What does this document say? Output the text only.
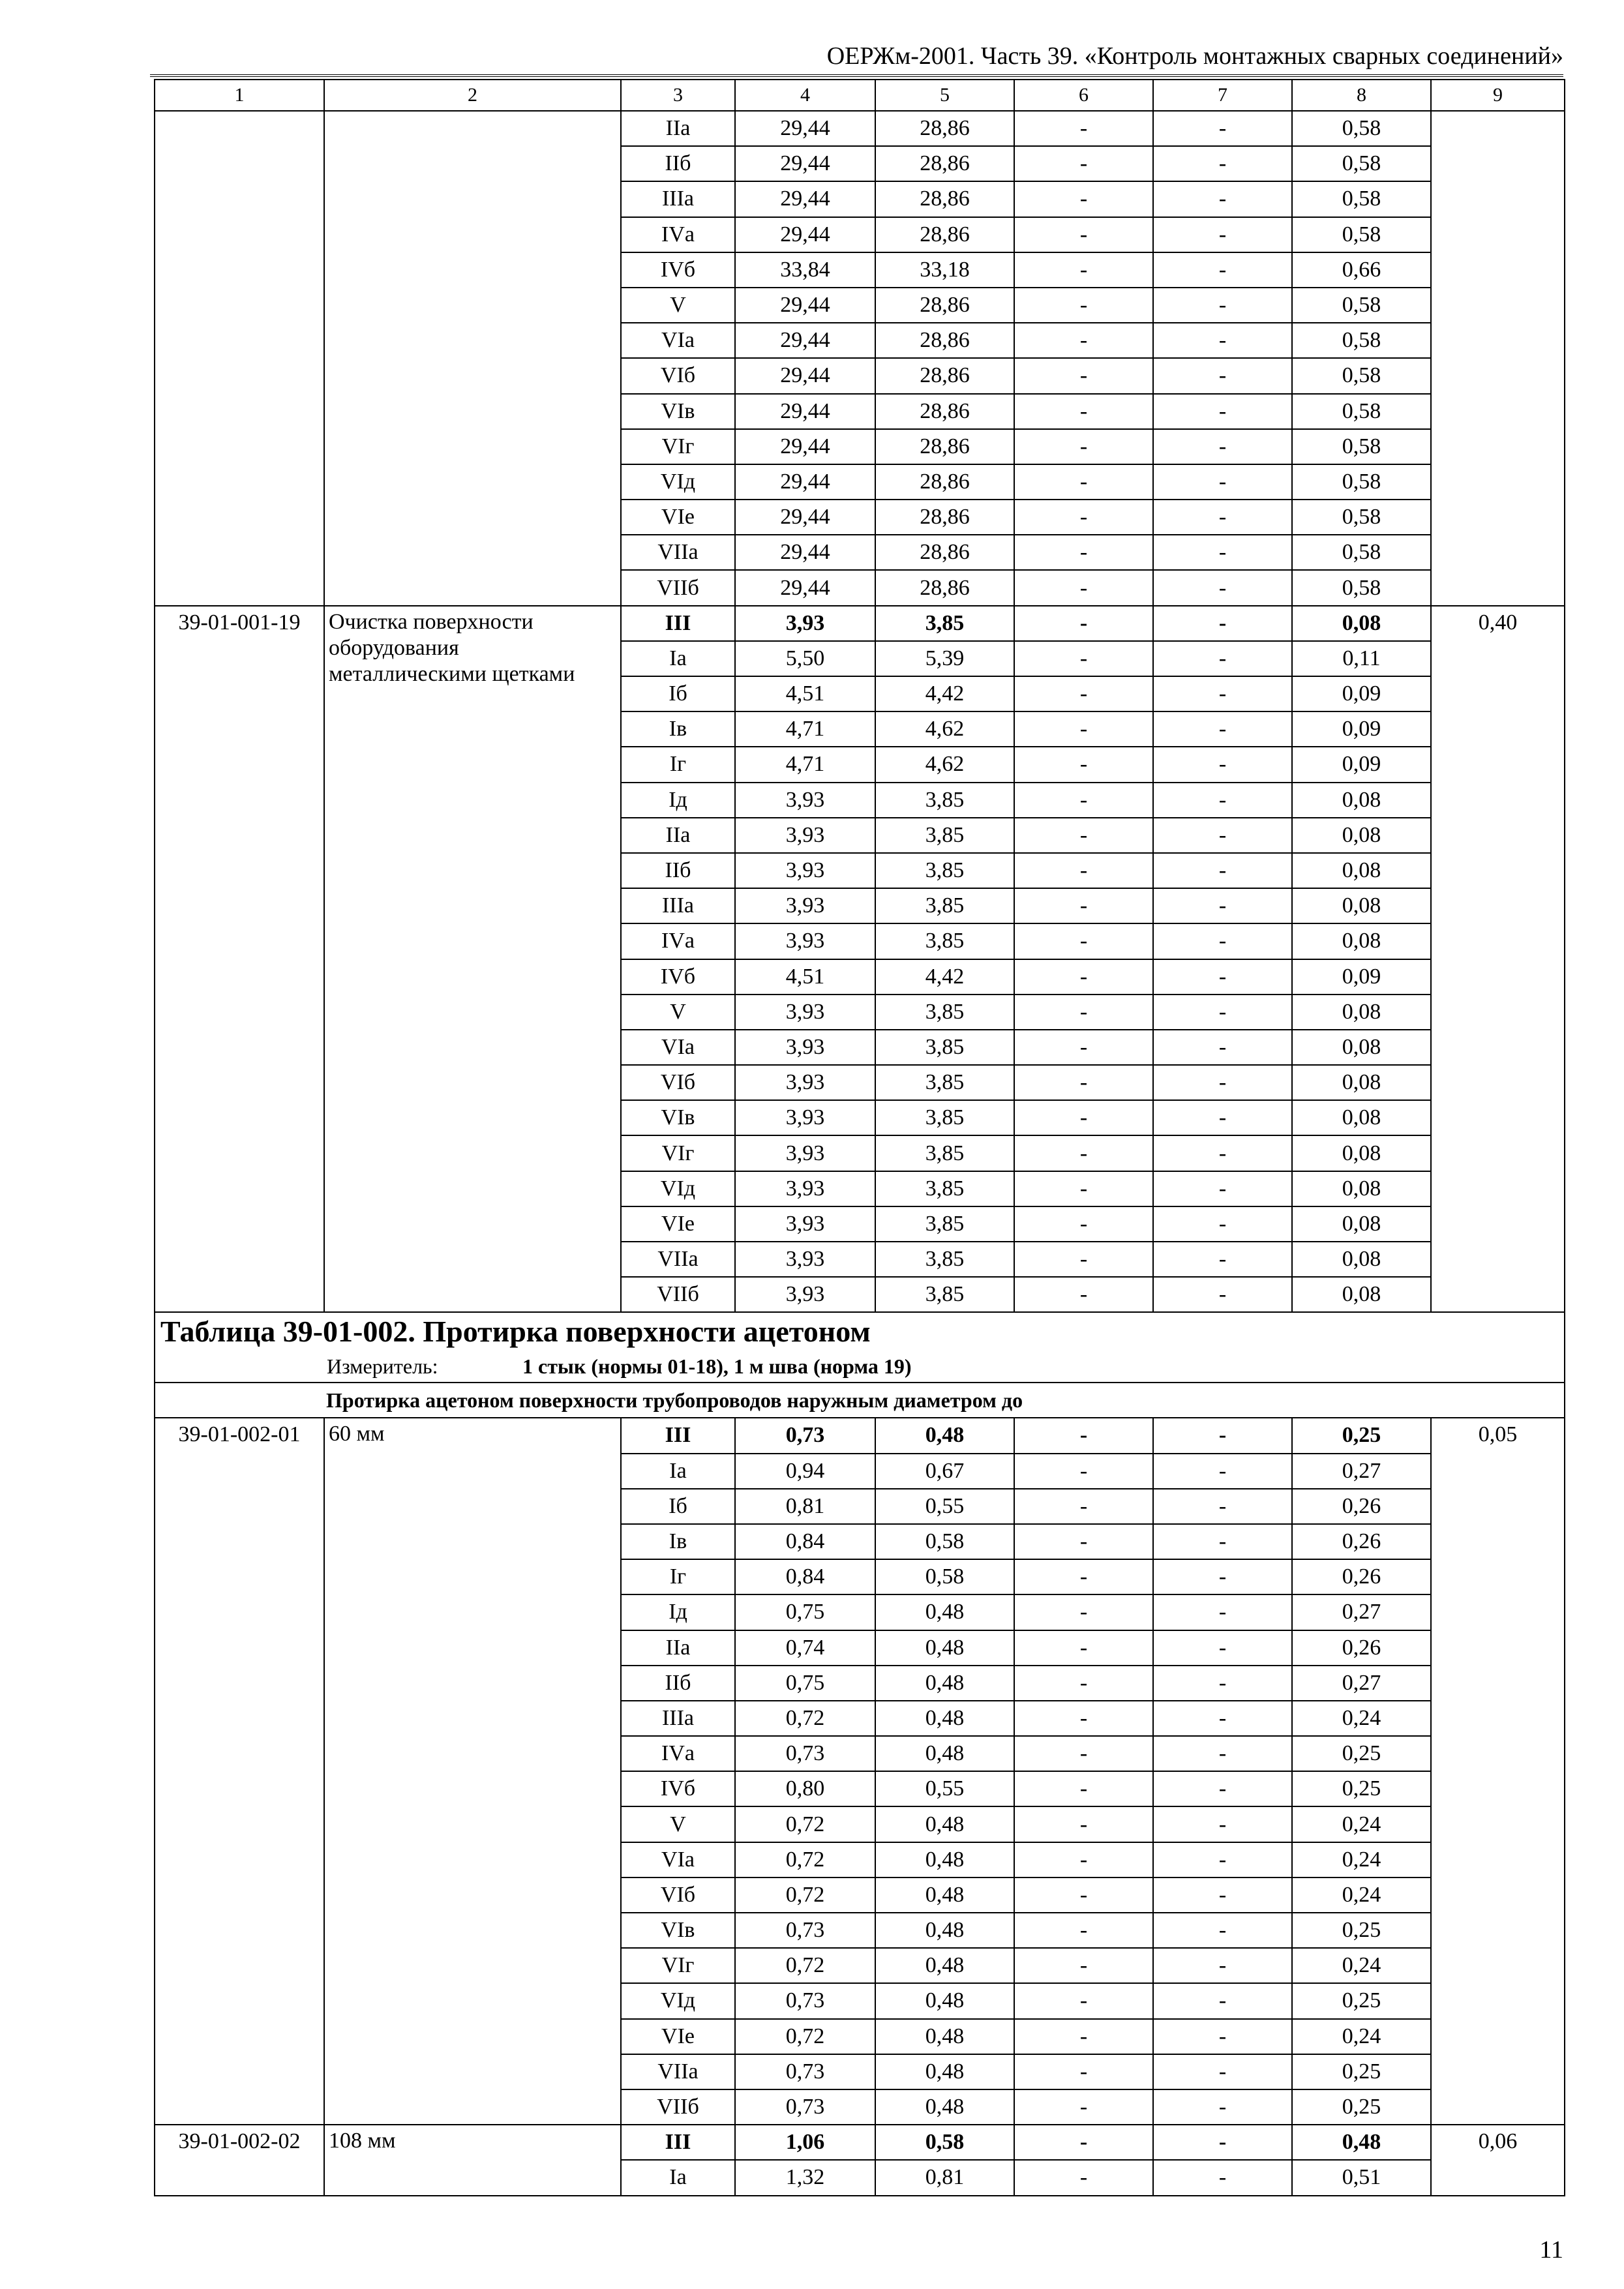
ОЕРЖм-2001. Часть 39. «Контроль монтажных сварных соединений»
1	2	3	4	5	6	7	8	9
		IIа	29,44	28,86	-	-	0,58	
		IIб	29,44	28,86	-	-	0,58	
		IIIа	29,44	28,86	-	-	0,58	
		IVа	29,44	28,86	-	-	0,58	
		IVб	33,84	33,18	-	-	0,66	
		V	29,44	28,86	-	-	0,58	
		VIа	29,44	28,86	-	-	0,58	
		VIб	29,44	28,86	-	-	0,58	
		VIв	29,44	28,86	-	-	0,58	
		VIг	29,44	28,86	-	-	0,58	
		VIд	29,44	28,86	-	-	0,58	
		VIе	29,44	28,86	-	-	0,58	
		VIIа	29,44	28,86	-	-	0,58	
		VIIб	29,44	28,86	-	-	0,58	
39-01-001-19	Очистка поверхности оборудования металлическими щетками	III	3,93	3,85	-	-	0,08	0,40
		Iа	5,50	5,39	-	-	0,11	
		Iб	4,51	4,42	-	-	0,09	
		Iв	4,71	4,62	-	-	0,09	
		Iг	4,71	4,62	-	-	0,09	
		Iд	3,93	3,85	-	-	0,08	
		IIа	3,93	3,85	-	-	0,08	
		IIб	3,93	3,85	-	-	0,08	
		IIIа	3,93	3,85	-	-	0,08	
		IVа	3,93	3,85	-	-	0,08	
		IVб	4,51	4,42	-	-	0,09	
		V	3,93	3,85	-	-	0,08	
		VIа	3,93	3,85	-	-	0,08	
		VIб	3,93	3,85	-	-	0,08	
		VIв	3,93	3,85	-	-	0,08	
		VIг	3,93	3,85	-	-	0,08	
		VIд	3,93	3,85	-	-	0,08	
		VIе	3,93	3,85	-	-	0,08	
		VIIа	3,93	3,85	-	-	0,08	
		VIIб	3,93	3,85	-	-	0,08	
Таблица 39-01-002. Протирка поверхности ацетоном								
Измеритель: 1 стык (нормы 01-18), 1 м шва (норма 19)								
Протирка ацетоном поверхности трубопроводов наружным диаметром до								
39-01-002-01	60 мм	III	0,73	0,48	-	-	0,25	0,05
		Iа	0,94	0,67	-	-	0,27	
		Iб	0,81	0,55	-	-	0,26	
		Iв	0,84	0,58	-	-	0,26	
		Iг	0,84	0,58	-	-	0,26	
		Iд	0,75	0,48	-	-	0,27	
		IIа	0,74	0,48	-	-	0,26	
		IIб	0,75	0,48	-	-	0,27	
		IIIа	0,72	0,48	-	-	0,24	
		IVа	0,73	0,48	-	-	0,25	
		IVб	0,80	0,55	-	-	0,25	
		V	0,72	0,48	-	-	0,24	
		VIа	0,72	0,48	-	-	0,24	
		VIб	0,72	0,48	-	-	0,24	
		VIв	0,73	0,48	-	-	0,25	
		VIг	0,72	0,48	-	-	0,24	
		VIд	0,73	0,48	-	-	0,25	
		VIе	0,72	0,48	-	-	0,24	
		VIIа	0,73	0,48	-	-	0,25	
		VIIб	0,73	0,48	-	-	0,25	
39-01-002-02	108 мм	III	1,06	0,58	-	-	0,48	0,06
		Iа	1,32	0,81	-	-	0,51	
11
